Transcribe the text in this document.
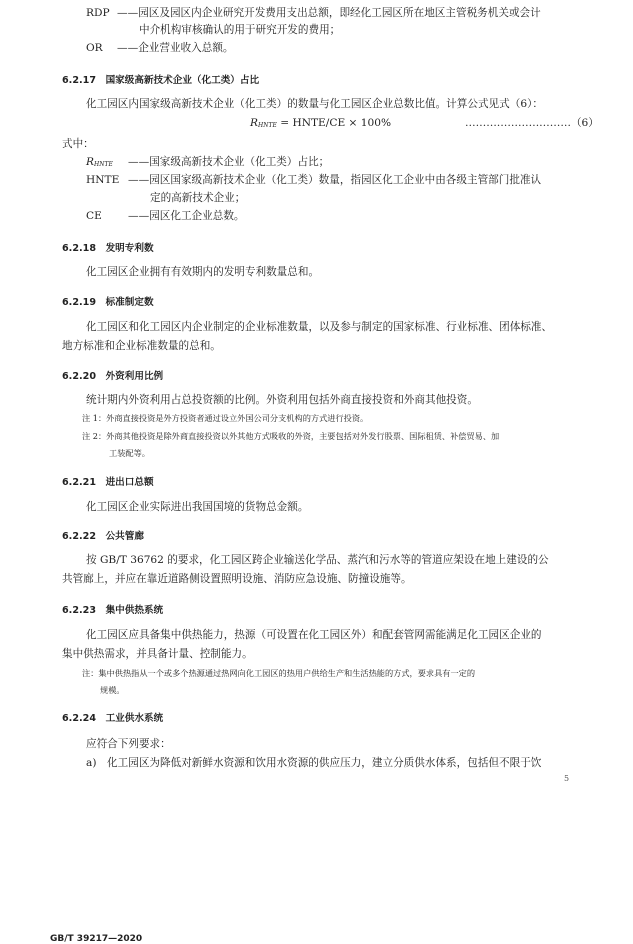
RDP ——园区及园区内企业研究开发费用支出总额，即经化工园区所在地区主管税务机关或会计
中介机构审核确认的用于研究开发的费用；
OR ——企业营业收入总额。
6.2.17　国家级高新技术企业（化工类）占比
化工园区内国家级高新技术企业（化工类）的数量与化工园区企业总数比值。计算公式见式（6）：
RHNTE = HNTE/CE × 100%	…………………………（6）
式中：
RHNTE ——国家级高新技术企业（化工类）占比；
HNTE ——园区国家级高新技术企业（化工类）数量，指园区化工企业中由各级主管部门批准认
定的高新技术企业；
CE ——园区化工企业总数。
6.2.18　发明专利数
化工园区企业拥有有效期内的发明专利数量总和。
6.2.19　标准制定数
化工园区和化工园区内企业制定的企业标准数量，以及参与制定的国家标准、行业标准、团体标准、
地方标准和企业标准数量的总和。
6.2.20　外资利用比例
统计期内外资利用占总投资额的比例。外资利用包括外商直接投资和外商其他投资。
注 1：外商直接投资是外方投资者通过设立外国公司分支机构的方式进行投资。
注 2：外商其他投资是除外商直接投资以外其他方式吸收的外资，主要包括对外发行股票、国际租赁、补偿贸易、加
工装配等。
6.2.21　进出口总额
化工园区企业实际进出我国国境的货物总金额。
6.2.22　公共管廊
按 GB/T 36762 的要求，化工园区跨企业输送化学品、蒸汽和污水等的管道应架设在地上建设的公
共管廊上，并应在靠近道路侧设置照明设施、消防应急设施、防撞设施等。
6.2.23　集中供热系统
化工园区应具备集中供热能力，热源（可设置在化工园区外）和配套管网需能满足化工园区企业的
集中供热需求，并具备计量、控制能力。
注：集中供热指从一个或多个热源通过热网向化工园区的热用户供给生产和生活热能的方式，要求具有一定的
规模。
6.2.24　工业供水系统
应符合下列要求：
a)　化工园区为降低对新鲜水资源和饮用水资源的供应压力，建立分质供水体系，包括但不限于饮
5
GB/T 39217—2020
